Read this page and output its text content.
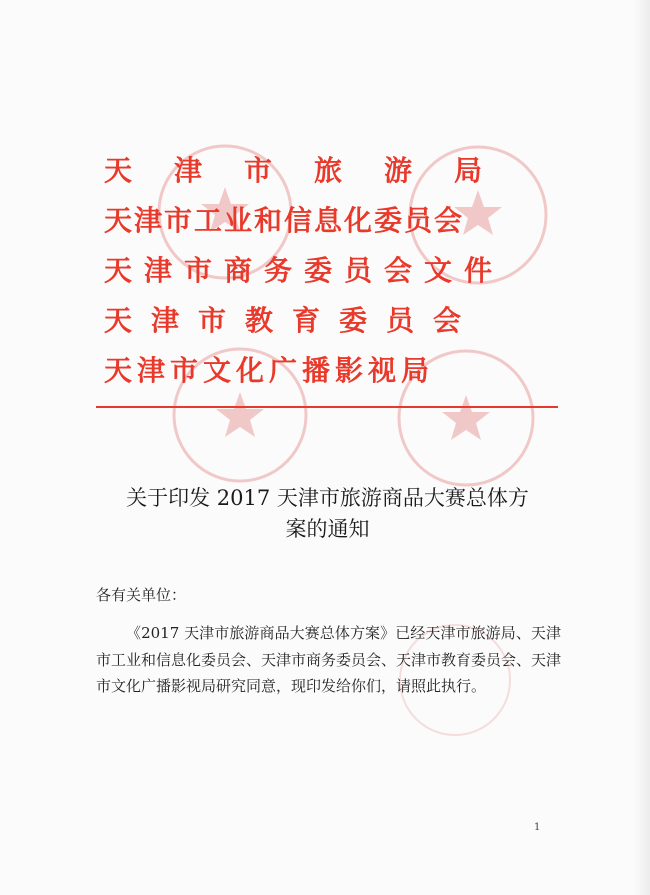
天津市旅游局
天津市工业和信息化委员会
天津市商务委员会文件
天津市教育委员会
天津市文化广播影视局
关于印发 2017 天津市旅游商品大赛总体方
案的通知
各有关单位：
《2017 天津市旅游商品大赛总体方案》已经天津市旅游局、天津市工业和信息化委员会、天津市商务委员会、天津市教育委员会、天津市文化广播影视局研究同意，现印发给你们，请照此执行。
1
